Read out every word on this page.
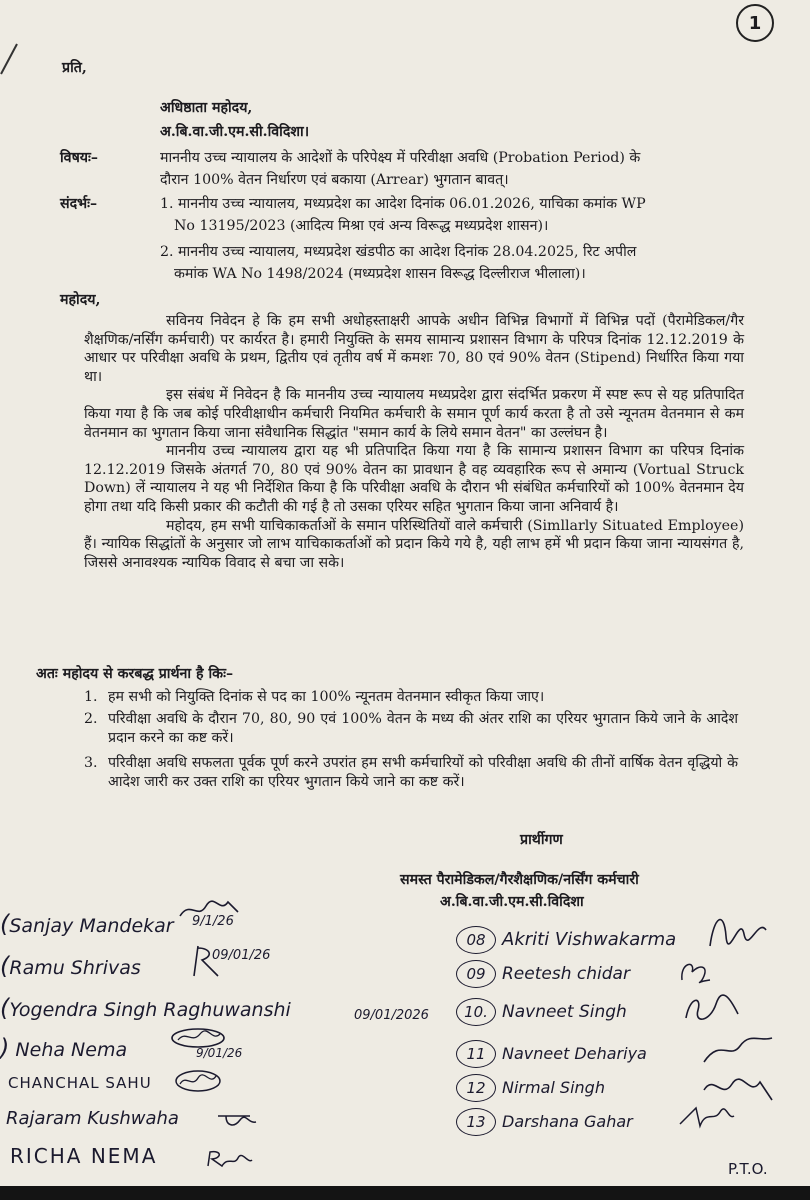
1
प्रति,
अधिष्ठाता महोदय,
अ.बि.वा.जी.एम.सी.विदिशा।
विषयः–	माननीय उच्च न्यायालय के आदेशों के परिपेक्ष्य में परिवीक्षा अवधि (Probation Period) के
दौरान 100% वेतन निर्धारण एवं बकाया (Arrear) भुगतान बावत्।
संदर्भः–	1. माननीय उच्च न्यायालय, मध्यप्रदेश का आदेश दिनांक 06.01.2026, याचिका कमांक WP
No 13195/2023 (आदित्य मिश्रा एवं अन्य विरूद्ध मध्यप्रदेश शासन)।
2. माननीय उच्च न्यायालय, मध्यप्रदेश खंडपीठ का आदेश दिनांक 28.04.2025, रिट अपील
कमांक WA No 1498/2024 (मध्यप्रदेश शासन विरूद्ध दिल्लीराज भीलाला)।
महोदय,

सविनय निवेदन हे कि हम सभी अधोहस्ताक्षरी आपके अधीन विभिन्न विभागों में विभिन्न पदों (पैरामेडिकल/गैर शैक्षणिक/नर्सिंग कर्मचारी) पर कार्यरत है। हमारी नियुक्ति के समय सामान्य प्रशासन विभाग के परिपत्र दिनांक 12.12.2019 के आधार पर परिवीक्षा अवधि के प्रथम, द्वितीय एवं तृतीय वर्ष में कमशः 70, 80 एवं 90% वेतन (Stipend) निर्धारित किया गया था।

इस संबंध में निवेदन है कि माननीय उच्च न्यायालय मध्यप्रदेश द्वारा संदर्भित प्रकरण में स्पष्ट रूप से यह प्रतिपादित किया गया है कि जब कोई परिवीक्षाधीन कर्मचारी नियमित कर्मचारी के समान पूर्ण कार्य करता है तो उसे न्यूनतम वेतनमान से कम वेतनमान का भुगतान किया जाना संवैधानिक सिद्धांत "समान कार्य के लिये समान वेतन" का उल्लंघन है।

माननीय उच्च न्यायालय द्वारा यह भी प्रतिपादित किया गया है कि सामान्य प्रशासन विभाग का परिपत्र दिनांक 12.12.2019 जिसके अंतगर्त 70, 80 एवं 90% वेतन का प्रावधान है वह व्यवहारिक रूप से अमान्य (Vortual Struck Down) लें न्यायालय ने यह भी निर्देशित किया है कि परिवीक्षा अवधि के दौरान भी संबंधित कर्मचारियों को 100% वेतनमान देय होगा तथा यदि किसी प्रकार की कटौती की गई है तो उसका एरियर सहित भुगतान किया जाना अनिवार्य है।

महोदय, हम सभी याचिकाकर्ताओं के समान परिस्थितियों वाले कर्मचारी (Simllarly Situated Employee) हैं। न्यायिक सिद्धांतों के अनुसार जो लाभ याचिकाकर्ताओं को प्रदान किये गये है, यही लाभ हमें भी प्रदान किया जाना न्यायसंगत है, जिससे अनावश्यक न्यायिक विवाद से बचा जा सके।

अतः महोदय से करबद्ध प्रार्थना है किः–
1. हम सभी को नियुक्ति दिनांक से पद का 100% न्यूनतम वेतनमान स्वीकृत किया जाए।
2. परिवीक्षा अवधि के दौरान 70, 80, 90 एवं 100% वेतन के मध्य की अंतर राशि का एरियर भुगतान किये जाने के आदेश प्रदान करने का कष्ट करें।
3. परिवीक्षा अवधि सफलता पूर्वक पूर्ण करने उपरांत हम सभी कर्मचारियों को परिवीक्षा अवधि की तीनों वार्षिक वेतन वृद्धियो के आदेश जारी कर उक्त राशि का एरियर भुगतान किये जाने का कष्ट करें।
प्रार्थीगण
समस्त पैरामेडिकल/गैरशैक्षणिक/नर्सिंग कर्मचारी
अ.बि.वा.जी.एम.सी.विदिशा
(Sanjay Mandekar 9/1/26
(Ramu Shrivas
09/01/26
(Yogendra Singh Raghuwanshi	09/01/2026
) Neha Nema	9/01/26
CHANCHAL SAHU
Rajaram Kushwaha
RICHA NEMA
08 Akriti Vishwakarma
09 Reetesh chidar
10. Navneet Singh
11 Navneet Dehariya
12 Nirmal Singh
13 Darshana Gahar
P.T.O.
